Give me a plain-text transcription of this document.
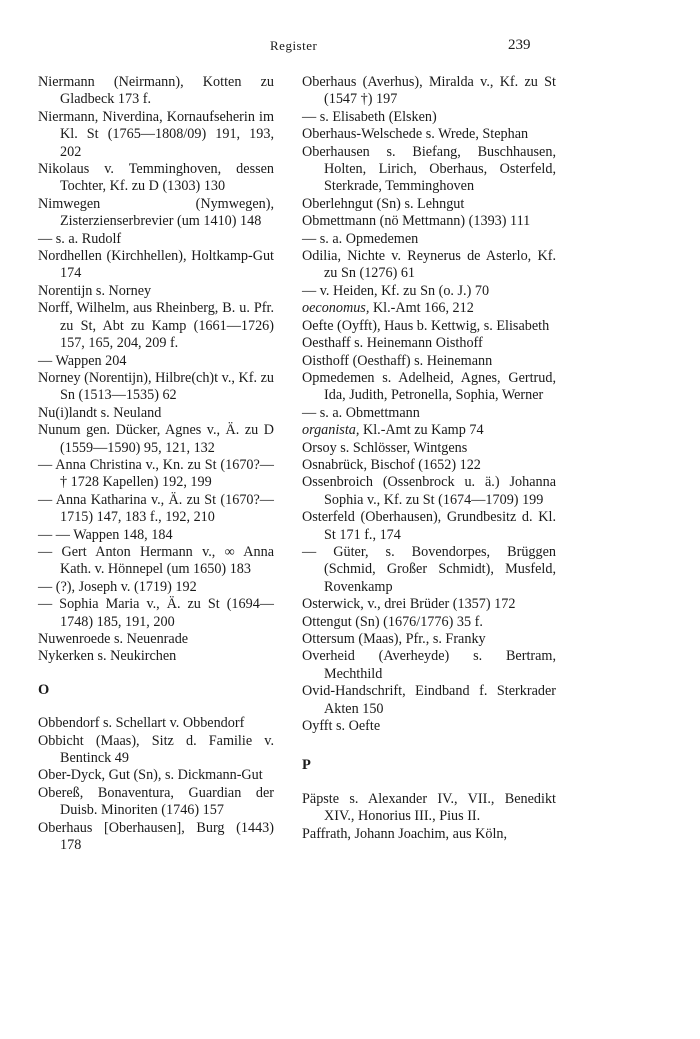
Register	239

Niermann (Neirmann), Kotten zu Gladbeck 173 f.

Niermann, Niverdina, Kornaufseherin im Kl. St (1765—1808/09) 191, 193, 202

Nikolaus v. Temminghoven, dessen Tochter, Kf. zu D (1303) 130

Nimwegen (Nymwegen), Zisterzienserbrevier (um 1410) 148

— s. a. Rudolf

Nordhellen (Kirchhellen), Holtkamp-Gut 174

Norentijn s. Norney

Norff, Wilhelm, aus Rheinberg, B. u. Pfr. zu St, Abt zu Kamp (1661—1726) 157, 165, 204, 209 f.

— Wappen 204

Norney (Norentijn), Hilbre(ch)t v., Kf. zu Sn (1513—1535) 62

Nu(i)landt s. Neuland

Nunum gen. Dücker, Agnes v., Ä. zu D (1559—1590) 95, 121, 132

— Anna Christina v., Kn. zu St (1670?—† 1728 Kapellen) 192, 199

— Anna Katharina v., Ä. zu St (1670?—1715) 147, 183 f., 192, 210

— — Wappen 148, 184

— Gert Anton Hermann v., ∞ Anna Kath. v. Hönnepel (um 1650) 183

— (?), Joseph v. (1719) 192

— Sophia Maria v., Ä. zu St (1694—1748) 185, 191, 200

Nuwenroede s. Neuenrade

Nykerken s. Neukirchen

O

Obbendorf s. Schellart v. Obbendorf

Obbicht (Maas), Sitz d. Familie v. Bentinck 49

Ober-Dyck, Gut (Sn), s. Dickmann-Gut

Obereß, Bonaventura, Guardian der Duisb. Minoriten (1746) 157

Oberhaus [Oberhausen], Burg (1443) 178

Oberhaus (Averhus), Miralda v., Kf. zu St (1547 †) 197

— s. Elisabeth (Elsken)

Oberhaus-Welschede s. Wrede, Stephan

Oberhausen s. Biefang, Buschhausen, Holten, Lirich, Oberhaus, Osterfeld, Sterkrade, Temminghoven

Oberlehngut (Sn) s. Lehngut

Obmettmann (nö Mettmann) (1393) 111

— s. a. Opmedemen

Odilia, Nichte v. Reynerus de Asterlo, Kf. zu Sn (1276) 61

— v. Heiden, Kf. zu Sn (o. J.) 70

oeconomus, Kl.-Amt 166, 212

Oefte (Oyfft), Haus b. Kettwig, s. Elisabeth

Oesthaff s. Heinemann Oisthoff

Oisthoff (Oesthaff) s. Heinemann

Opmedemen s. Adelheid, Agnes, Gertrud, Ida, Judith, Petronella, Sophia, Werner

— s. a. Obmettmann

organista, Kl.-Amt zu Kamp 74

Orsoy s. Schlösser, Wintgens

Osnabrück, Bischof (1652) 122

Ossenbroich (Ossenbrock u. ä.) Johanna Sophia v., Kf. zu St (1674—1709) 199

Osterfeld (Oberhausen), Grundbesitz d. Kl. St 171 f., 174

— Güter, s. Bovendorpes, Brüggen (Schmid, Großer Schmidt), Musfeld, Rovenkamp

Osterwick, v., drei Brüder (1357) 172

Ottengut (Sn) (1676/1776) 35 f.

Ottersum (Maas), Pfr., s. Franky

Overheid (Averheyde) s. Bertram, Mechthild

Ovid-Handschrift, Eindband f. Sterkrader Akten 150

Oyfft s. Oefte

P

Päpste s. Alexander IV., VII., Benedikt XIV., Honorius III., Pius II.

Paffrath, Johann Joachim, aus Köln,
